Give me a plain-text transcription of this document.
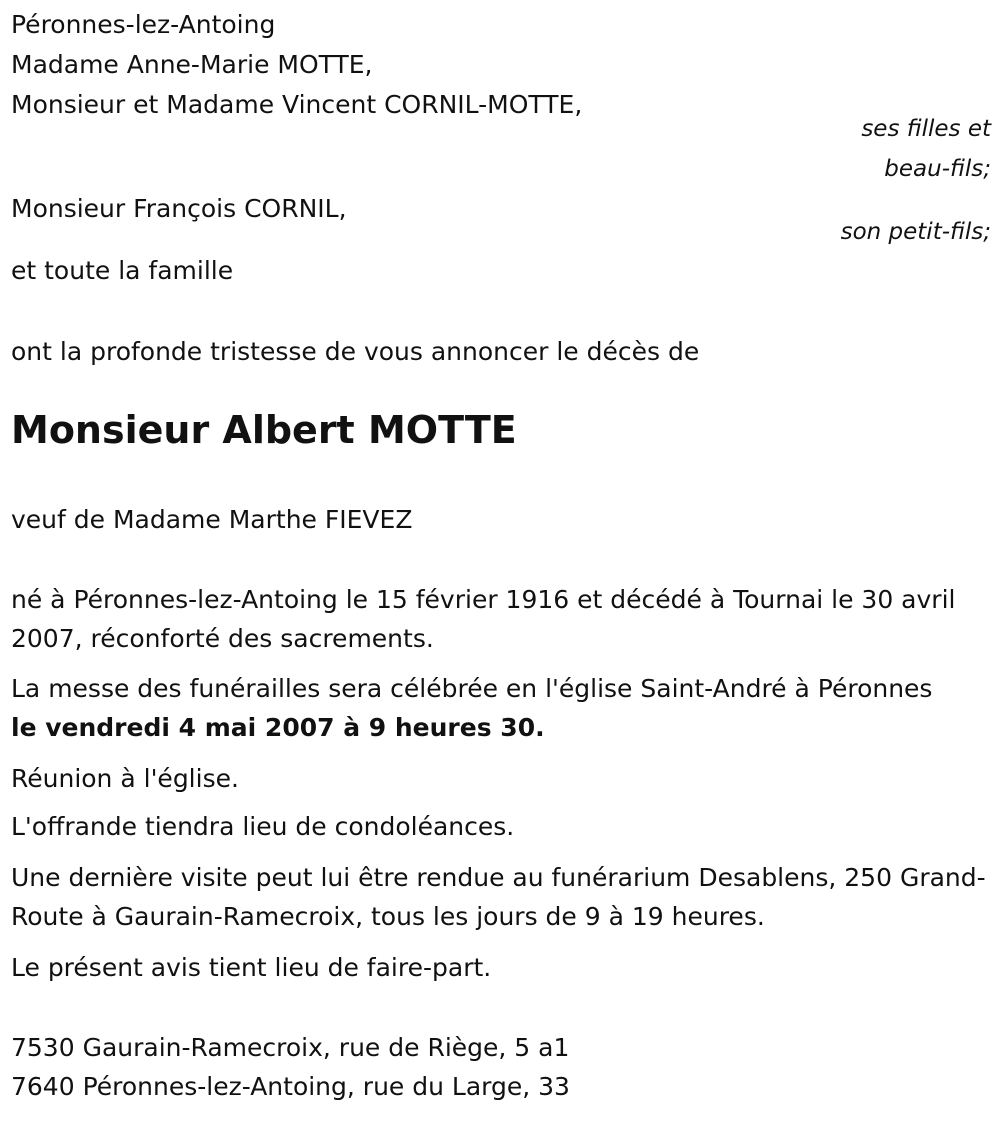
Péronnes-lez-Antoing
Madame Anne-Marie MOTTE,
Monsieur et Madame Vincent CORNIL-MOTTE,
ses filles et
beau-fils;
Monsieur François CORNIL,
son petit-fils;
et toute la famille
ont la profonde tristesse de vous annoncer le décès de
Monsieur Albert MOTTE
veuf de Madame Marthe FIEVEZ
né à Péronnes-lez-Antoing le 15 février 1916 et décédé à Tournai le 30 avril 2007, réconforté des sacrements.
La messe des funérailles sera célébrée en l'église Saint-André à Péronnes
le vendredi 4 mai 2007 à 9 heures 30.
Réunion à l'église.
L'offrande tiendra lieu de condoléances.
Une dernière visite peut lui être rendue au funérarium Desablens, 250 Grand-Route à Gaurain-Ramecroix, tous les jours de 9 à 19 heures.
Le présent avis tient lieu de faire-part.
7530 Gaurain-Ramecroix, rue de Riège, 5 a1
7640 Péronnes-lez-Antoing, rue du Large, 33
